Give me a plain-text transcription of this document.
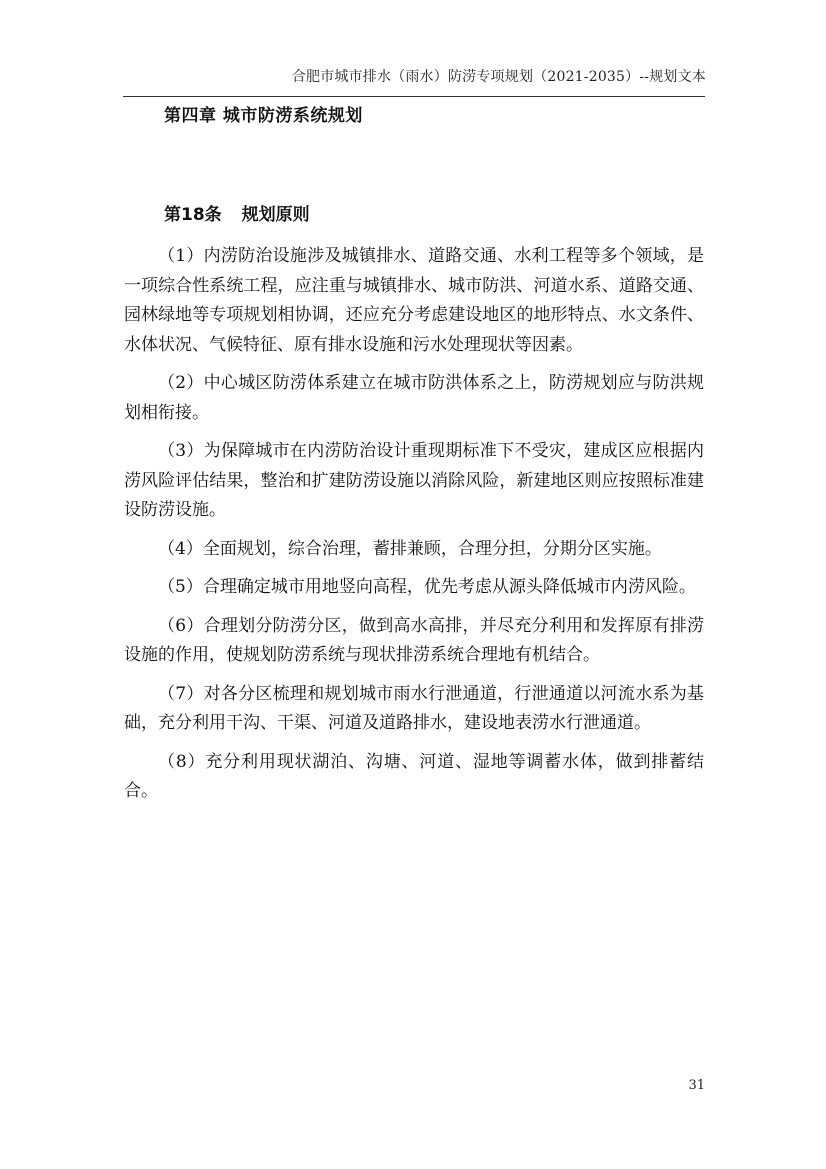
合肥市城市排水（雨水）防涝专项规划（2021-2035）--规划文本
第四章 城市防涝系统规划
第18条 规划原则

（1）内涝防治设施涉及城镇排水、道路交通、水利工程等多个领域，是一项综合性系统工程，应注重与城镇排水、城市防洪、河道水系、道路交通、园林绿地等专项规划相协调，还应充分考虑建设地区的地形特点、水文条件、水体状况、气候特征、原有排水设施和污水处理现状等因素。

（2）中心城区防涝体系建立在城市防洪体系之上，防涝规划应与防洪规划相衔接。

（3）为保障城市在内涝防治设计重现期标准下不受灾，建成区应根据内涝风险评估结果，整治和扩建防涝设施以消除风险，新建地区则应按照标准建设防涝设施。

（4）全面规划，综合治理，蓄排兼顾，合理分担，分期分区实施。

（5）合理确定城市用地竖向高程，优先考虑从源头降低城市内涝风险。

（6）合理划分防涝分区，做到高水高排，并尽充分利用和发挥原有排涝设施的作用，使规划防涝系统与现状排涝系统合理地有机结合。

（7）对各分区梳理和规划城市雨水行泄通道，行泄通道以河流水系为基础，充分利用干沟、干渠、河道及道路排水，建设地表涝水行泄通道。

（8）充分利用现状湖泊、沟塘、河道、湿地等调蓄水体，做到排蓄结合。

31
